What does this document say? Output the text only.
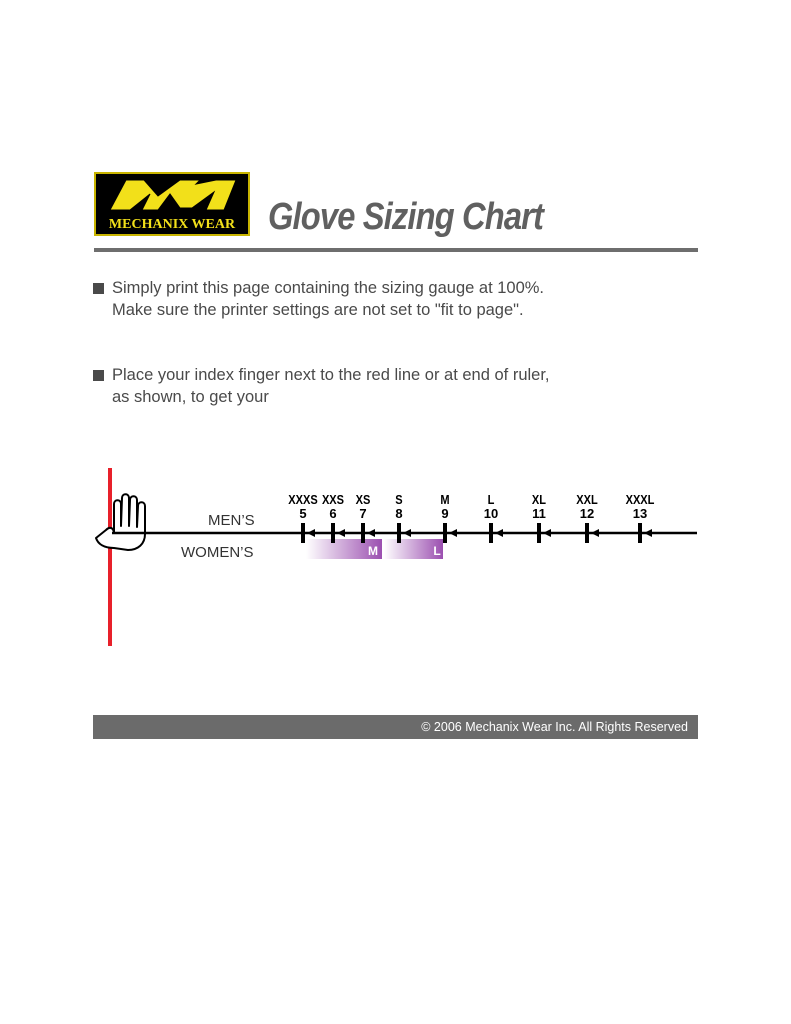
MECHANIX WEAR Glove Sizing Chart
Simply print this page containing the sizing gauge at 100%. Make sure the printer settings are not set to "fit to page".
Place your index finger next to the red line or at end of ruler, as shown, to get your
M	L
MEN’S
WOMEN’S
XXXS
5
XXS
6
XS
7
S
8
M
9
L
10
XL
11
XXL
12
XXXL
13
© 2006 Mechanix Wear Inc. All Rights Reserved
